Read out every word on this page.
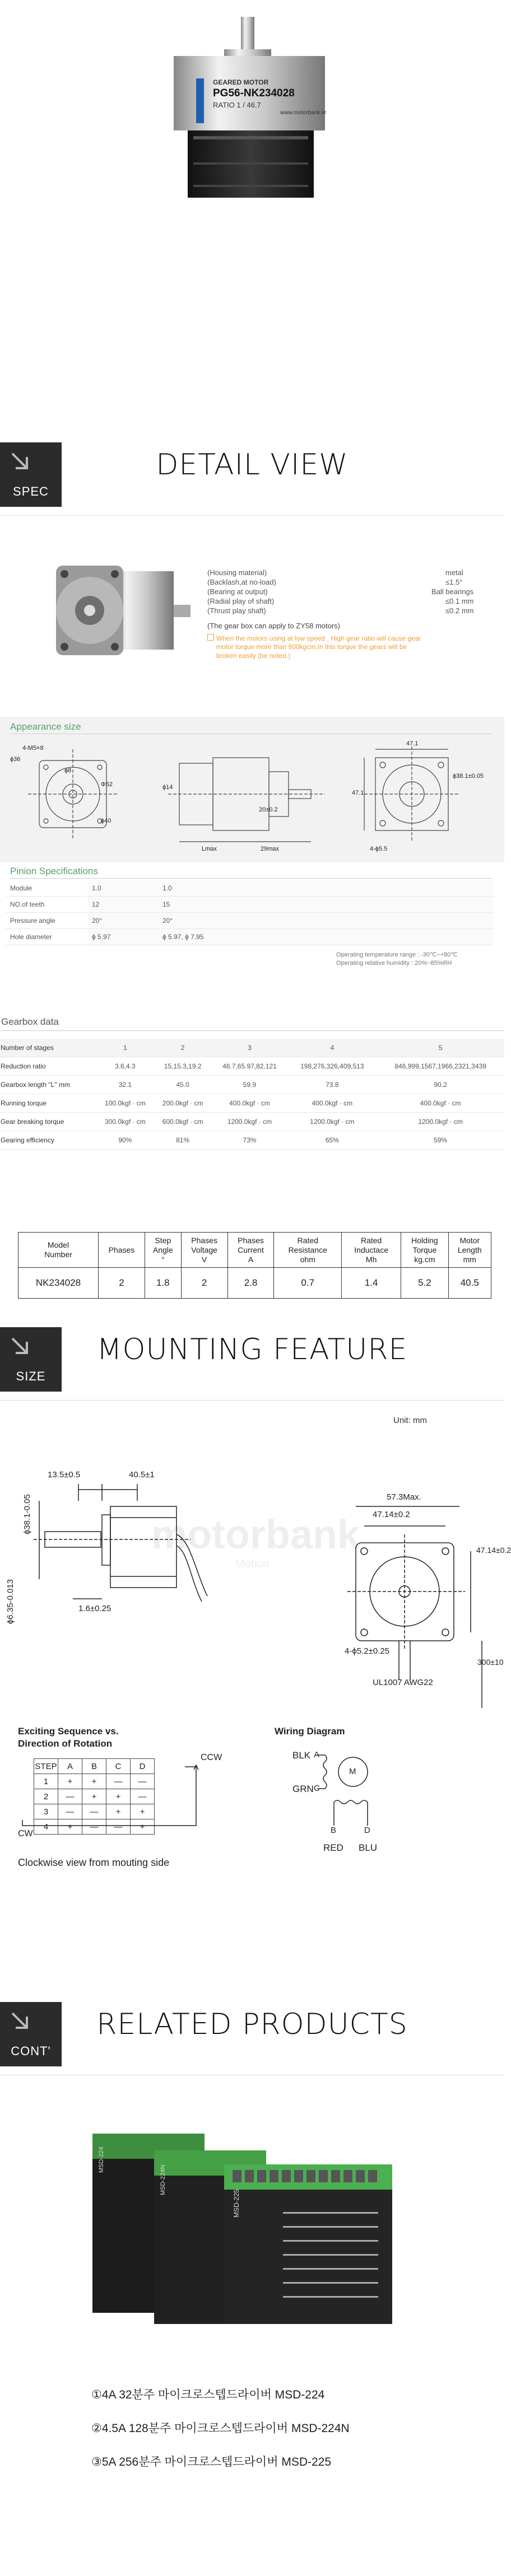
GEARED MOTOR
PG56-NK234028
RATIO 1 / 46.7
www.motorbank.kr
SPEC
DETAIL VIEW
(Housing material)	metal
(Backlash,at no-load)	≤1.5°
(Bearing at output)	Ball bearings
(Radial play of shaft)	≤0.1 mm
(Thrust play shaft)	≤0.2 mm
(The gear box can apply to ZY58 motors)
When the motors using at low speed , High gear ratio will cause gear
motor torque more than 600kgcm,In this torque the gears will be
broken easily (be noted.)
Appearance size
4-M5×8
ϕ36
ϕ8
ϕ40
Φ52	ϕ14
Lmax	29max
20±0.2
47.1
47.1
ϕ38.1±0.05
4-ϕ5.5
Pinion Specifications
Module	1.0	1.0		
NO.of teeth	12	15		
Pressure angle	20°	20°		
Hole diameter	ϕ 5.97	ϕ 5.97, ϕ 7.95		
Operating temperature range : -30℃~+80℃
Operating relative humidity : 20%~85%RH
Gearbox data
Number of stages	1	2	3	4	5
Reduction ratio	3.6,4.3	15,15.3,19.2	46.7,65.97,82.121	198,276,326,409,513	846,999,1567,1966,2321,3439
Gearbox length "L" mm	32.1	45.0	59.9	73.8	90.2
Running torque	100.0kgf · cm	200.0kgf · cm	400.0kgf · cm	400.0kgf · cm	400.0kgf · cm
Gear breaking torque	300.0kgf · cm	600.0kgf · cm	1200.0kgf · cm	1200.0kgf · cm	1200.0kgf · cm
Gearing efficiency	90%	81%	73%	65%	59%
Model
Number	Phases	Step
Angle
°	Phases
Voltage
V	Phases
Current
A	Rated
Resistance
ohm	Rated
Inductace
Mh	Holding
Torque
kg.cm	Motor
Length
mm
NK234028	2	1.8	2	2.8	0.7	1.4	5.2	40.5
SIZE
MOUNTING FEATURE
Unit: mm
motorbank
Motion
13.5±0.5	40.5±1
ϕ38.1-0.05
ϕ6.35-0.013	1.6±0.25
57.3Max.
47.14±0.2
47.14±0.2
4-ϕ5.2±0.25
UL1007 AWG22
300±10
Exciting Sequence vs.
Direction of Rotation
STEP	A	B	C	D
1	+	+	—	—
2	—	+	+	—
3	—	—	+	+
4	+	—	—	+
CCW
CW
Clockwise view from mouting side
Wiring Diagram
BLK A
GRN C
M
B	D
RED BLU
CONT'
RELATED PRODUCTS
MSD-224
MSD-224N
MSD-225
①4A 32분주 마이크로스텝드라이버 MSD-224
②4.5A 128분주 마이크로스텝드라이버 MSD-224N
③5A 256분주 마이크로스텝드라이버 MSD-225
